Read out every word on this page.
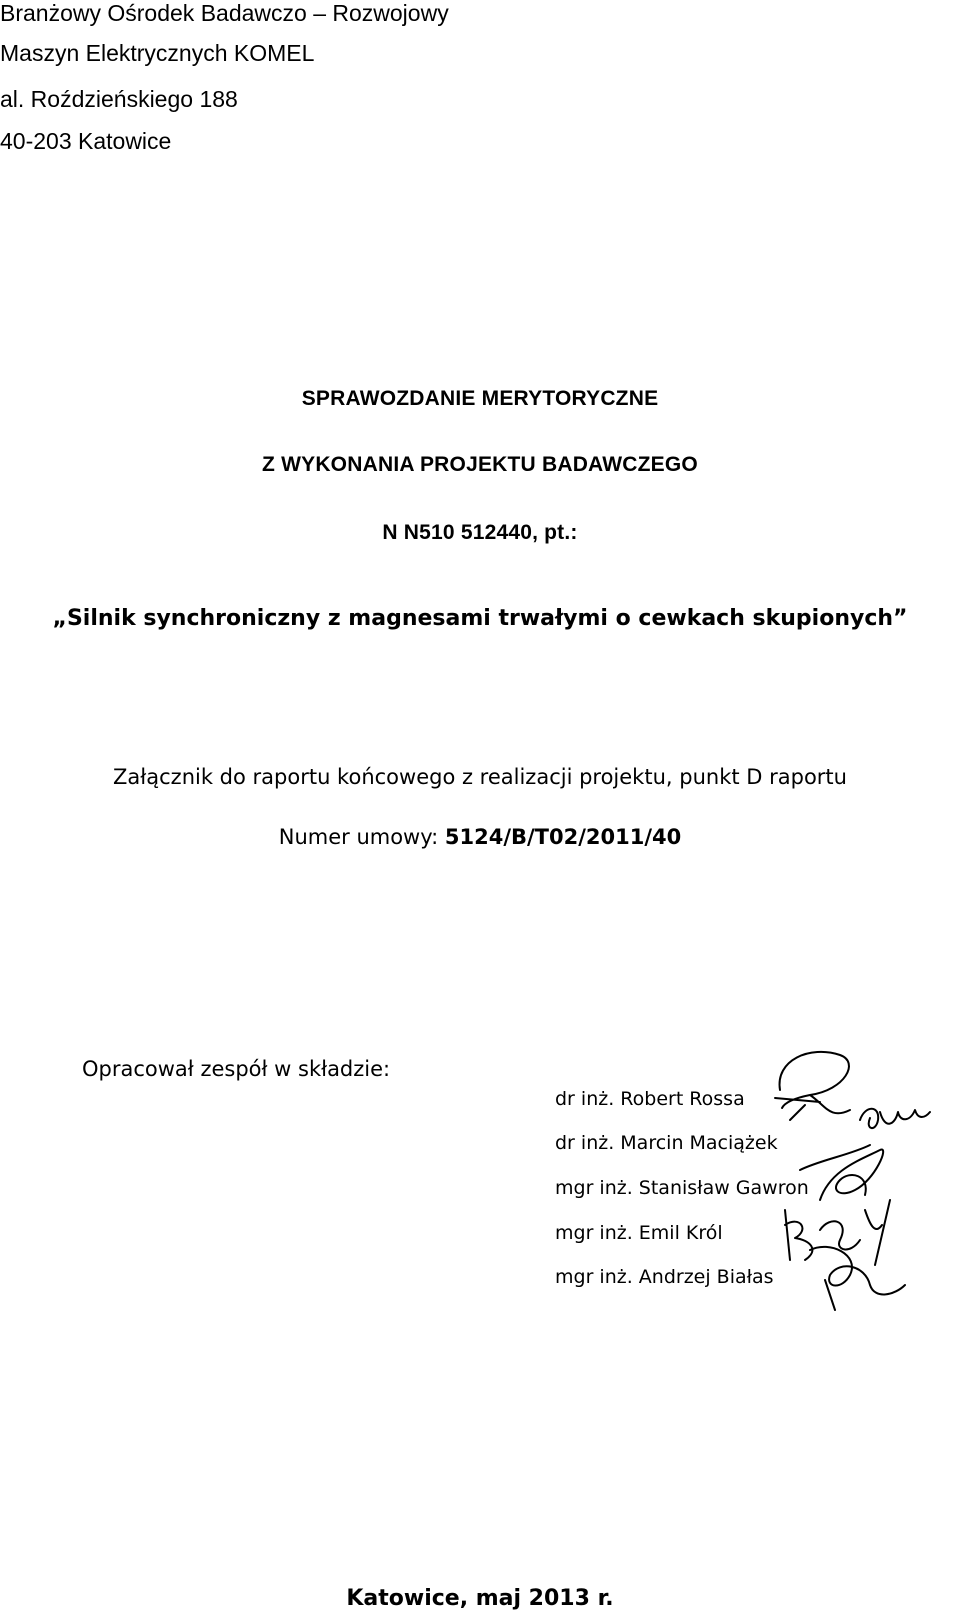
Branżowy Ośrodek Badawczo – Rozwojowy
Maszyn Elektrycznych KOMEL
al. Roździeńskiego 188
40-203 Katowice
SPRAWOZDANIE MERYTORYCZNE
Z WYKONANIA PROJEKTU BADAWCZEGO
N N510 512440, pt.:
„Silnik synchroniczny z magnesami trwałymi o cewkach skupionych”
Załącznik do raportu końcowego z realizacji projektu, punkt D raportu
Numer umowy: 5124/B/T02/2011/40
Opracował zespół w składzie:
dr inż. Robert Rossa
dr inż. Marcin Maciążek
mgr inż. Stanisław Gawron
mgr inż. Emil Król
mgr inż. Andrzej Białas
Katowice, maj 2013 r.
